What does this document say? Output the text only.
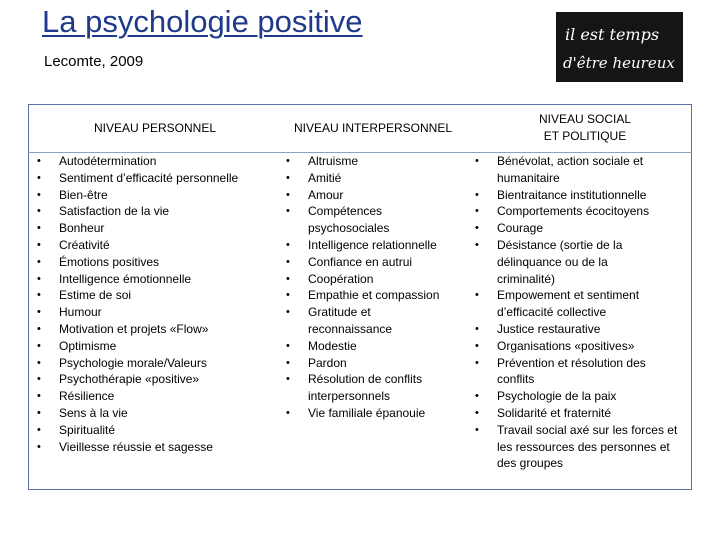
La psychologie positive
Lecomte, 2009
il est temps
d'être heureux
NIVEAU PERSONNEL	NIVEAU INTERPERSONNEL
NIVEAU SOCIAL
ET POLITIQUE
• Autodétermination
• Sentiment d’efficacité personnelle
• Bien-être
• Satisfaction de la vie
• Bonheur
• Créativité
• Émotions positives
• Intelligence émotionnelle
• Estime de soi
• Humour
• Motivation et projets «Flow»
• Optimisme
• Psychologie morale/Valeurs
• Psychothérapie «positive»
• Résilience
• Sens à la vie
• Spiritualité
• Vieillesse réussie et sagesse
• Altruisme
• Amitié
• Amour
• Compétences psychosociales
• Intelligence relationnelle
• Confiance en autrui
• Coopération
• Empathie et compassion
• Gratitude et reconnaissance
• Modestie
• Pardon
• Résolution de conflits interpersonnels
• Vie familiale épanouie
• Bénévolat, action sociale et humanitaire
• Bientraitance institutionnelle
• Comportements écocitoyens
• Courage
• Désistance (sortie de la délinquance ou de la criminalité)
• Empowement et sentiment d’efficacité collective
• Justice restaurative
• Organisations «positives»
• Prévention et résolution des conflits
• Psychologie de la paix
• Solidarité et fraternité
• Travail social axé sur les forces et les ressources des personnes et des groupes
